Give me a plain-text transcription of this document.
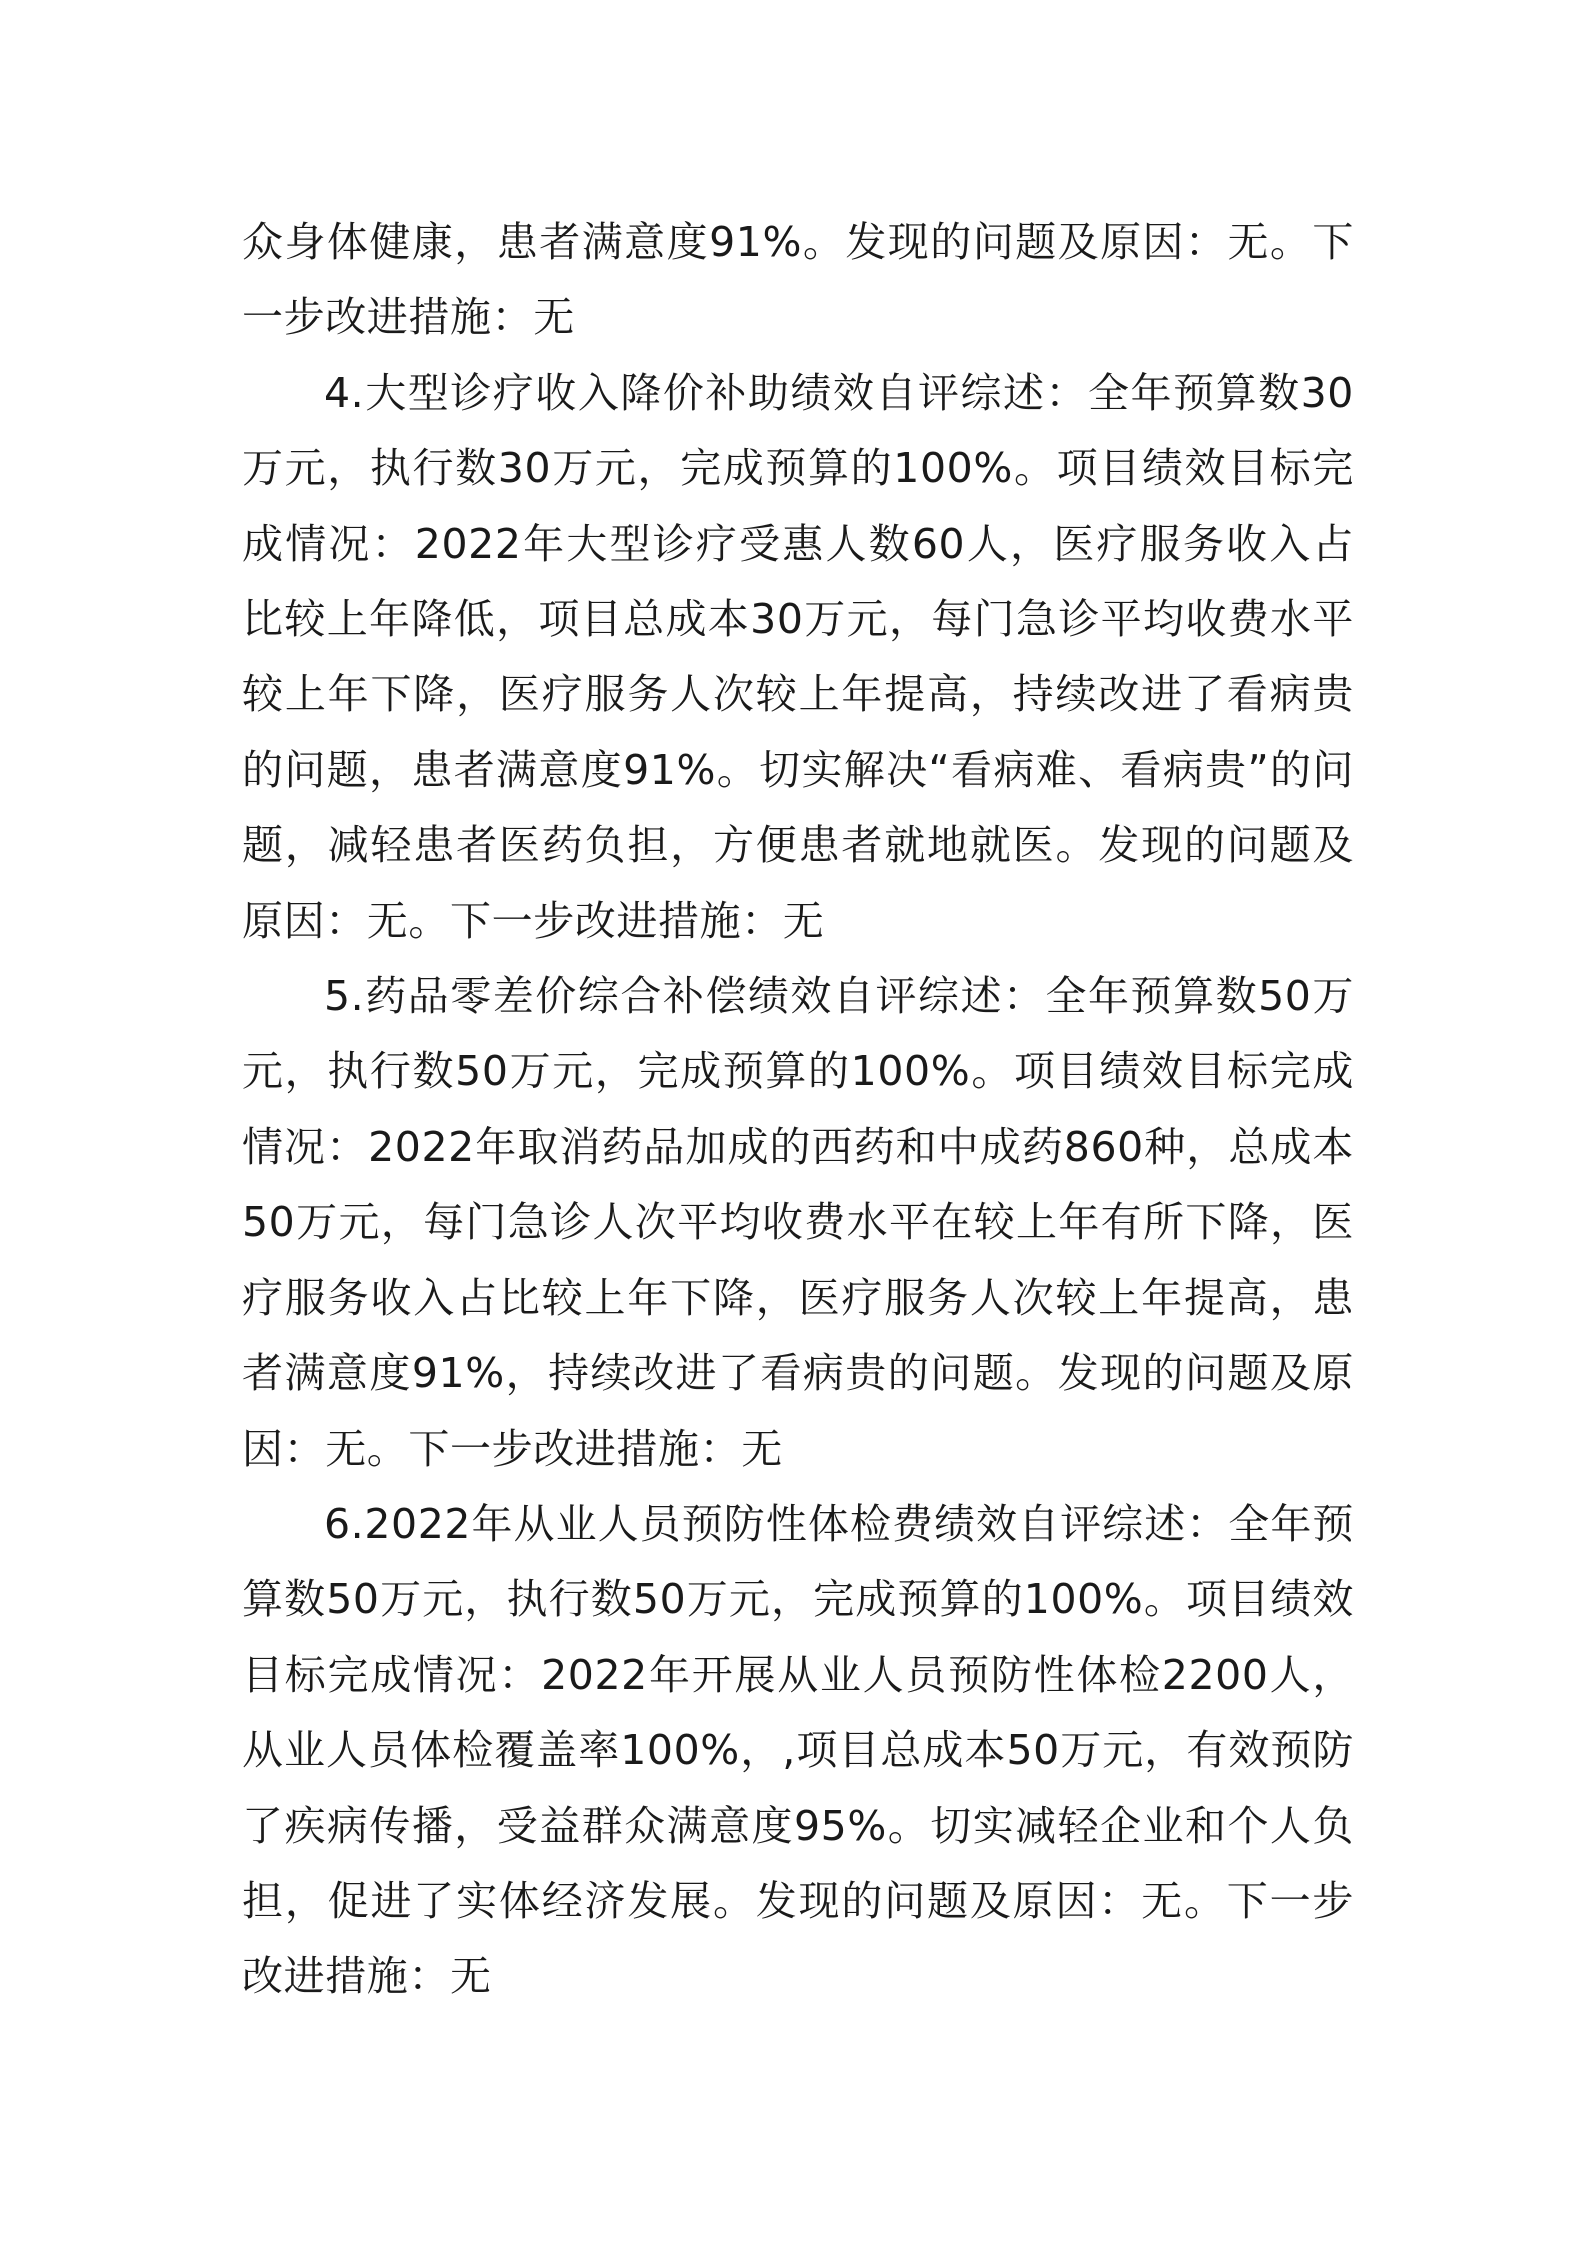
众身体健康，患者满意度91%。发现的问题及原因：无。下一步改进措施：无

4.大型诊疗收入降价补助绩效自评综述：全年预算数30万元，执行数30万元，完成预算的100%。项目绩效目标完成情况：2022年大型诊疗受惠人数60人，医疗服务收入占比较上年降低，项目总成本30万元，每门急诊平均收费水平较上年下降，医疗服务人次较上年提高，持续改进了看病贵的问题，患者满意度91%。切实解决“看病难、看病贵”的问题，减轻患者医药负担，方便患者就地就医。发现的问题及原因：无。下一步改进措施：无

5.药品零差价综合补偿绩效自评综述：全年预算数50万元，执行数50万元，完成预算的100%。项目绩效目标完成情况：2022年取消药品加成的西药和中成药860种，总成本50万元，每门急诊人次平均收费水平在较上年有所下降，医疗服务收入占比较上年下降，医疗服务人次较上年提高，患者满意度91%，持续改进了看病贵的问题。发现的问题及原因：无。下一步改进措施：无

6.2022年从业人员预防性体检费绩效自评综述：全年预算数50万元，执行数50万元，完成预算的100%。项目绩效目标完成情况：2022年开展从业人员预防性体检2200人，从业人员体检覆盖率100%，,项目总成本50万元，有效预防了疾病传播，受益群众满意度95%。切实减轻企业和个人负担，促进了实体经济发展。发现的问题及原因：无。下一步改进措施：无
